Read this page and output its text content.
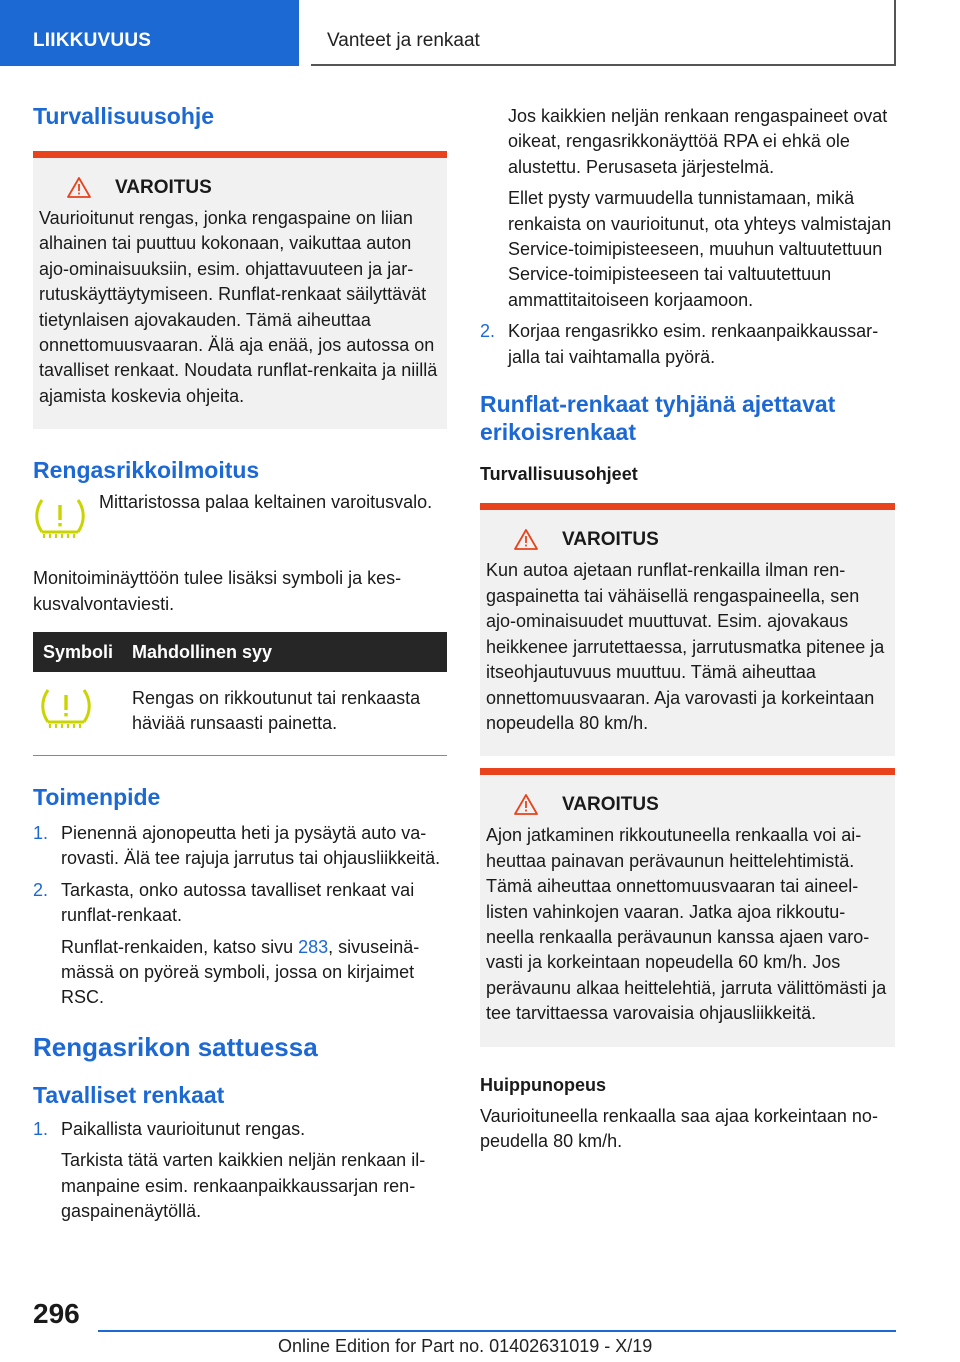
LIIKKUVUUS	Vanteet ja renkaat
Turvallisuusohje
VAROITUS
Vaurioitunut rengas, jonka rengaspaine on liian alhainen tai puuttuu kokonaan, vaikuttaa auton ajo-ominaisuuksiin, esim. ohjattavuuteen ja jarrutuskäyttäytymiseen. Runflat-renkaat säilyttävät tietynlaisen ajovakauden. Tämä aiheuttaa onnettomuusvaaran. Älä aja enää, jos autossa on tavalliset renkaat. Noudata runflat-renkaita ja niillä ajamista koskevia ohjeita.
Rengasrikkoilmoitus
Mittaristossa palaa keltainen varoitusvalo.
Monitoiminäyttöön tulee lisäksi symboli ja keskusvalvontaviesti.
Symboli	Mahdollinen syy
Rengas on rikkoutunut tai renkaasta häviää runsaasti painetta.
Toimenpide
1. Pienennä ajonopeutta heti ja pysäytä auto varovasti. Älä tee rajuja jarrutus tai ohjausliikkeitä.
2. Tarkasta, onko autossa tavalliset renkaat vai runflat-renkaat.
Runflat-renkaiden, katso sivu 283, sivuseinämässä on pyöreä symboli, jossa on kirjaimet RSC.
Rengasrikon sattuessa
Tavalliset renkaat
1. Paikallista vaurioitunut rengas.
Tarkista tätä varten kaikkien neljän renkaan ilmanpaine esim. renkaanpaikkaussarjan rengaspainenäytöllä.
Jos kaikkien neljän renkaan rengaspaineet ovat oikeat, rengasrikkonäyttöä RPA ei ehkä ole alustettu. Perusaseta järjestelmä.
Ellet pysty varmuudella tunnistamaan, mikä renkaista on vaurioitunut, ota yhteys valmistajan Service-toimipisteeseen, muuhun valtuutettuun Service-toimipisteeseen tai valtuutettuun ammattitaitoiseen korjaamoon.
2. Korjaa rengasrikko esim. renkaanpaikkaussarjalla tai vaihtamalla pyörä.
Runflat-renkaat tyhjänä ajettavat erikoisrenkaat
Turvallisuusohjeet
VAROITUS
Kun autoa ajetaan runflat-renkailla ilman rengaspainetta tai vähäisellä rengaspaineella, sen ajo-ominaisuudet muuttuvat. Esim. ajovakaus heikkenee jarrutettaessa, jarrutusmatka pitenee ja itseohjautuvuus muuttuu. Tämä aiheuttaa onnettomuusvaaran. Aja varovasti ja korkeintaan nopeudella 80 km/h.
VAROITUS
Ajon jatkaminen rikkoutuneella renkaalla voi aiheuttaa painavan perävaunun heittelehtimistä. Tämä aiheuttaa onnettomuusvaaran tai aineellisten vahinkojen vaaran. Jatka ajoa rikkoutuneella renkaalla perävaunun kanssa ajaen varovasti ja korkeintaan nopeudella 60 km/h. Jos perävaunu alkaa heittelehtiä, jarruta välittömästi ja tee tarvittaessa varovaisia ohjausliikkeitä.
Huippunopeus
Vaurioituneella renkaalla saa ajaa korkeintaan nopeudella 80 km/h.
296
Online Edition for Part no. 01402631019 - X/19
